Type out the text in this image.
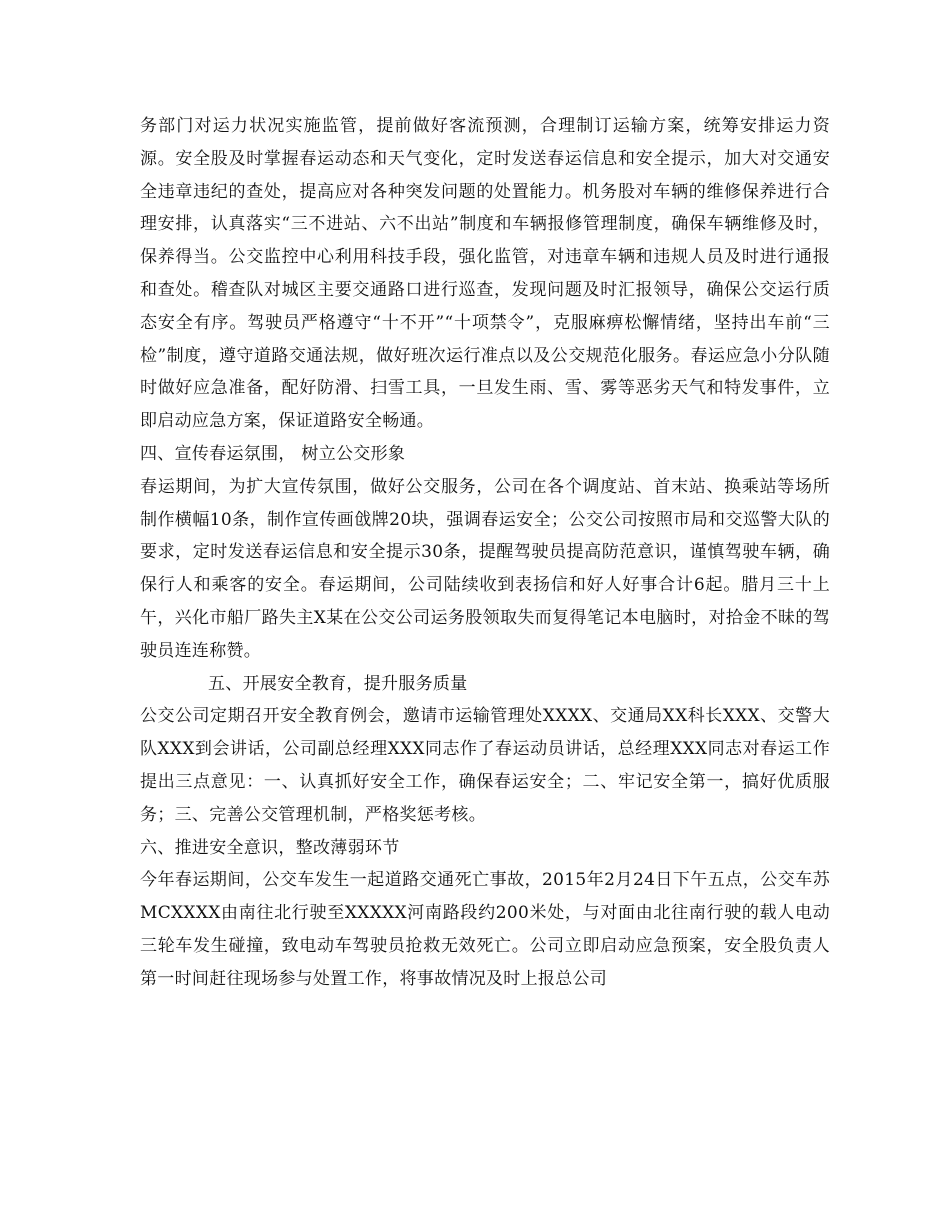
务部门对运力状况实施监管，提前做好客流预测，合理制订运输方案，统筹安排运力资源。安全股及时掌握春运动态和天气变化，定时发送春运信息和安全提示，加大对交通安全违章违纪的查处，提高应对各种突发问题的处置能力。机务股对车辆的维修保养进行合理安排，认真落实“三不进站、六不出站”制度和车辆报修管理制度，确保车辆维修及时，保养得当。公交监控中心利用科技手段，强化监管，对违章车辆和违规人员及时进行通报和查处。稽查队对城区主要交通路口进行巡查，发现问题及时汇报领导，确保公交运行质态安全有序。驾驶员严格遵守“十不开”“十项禁令”，克服麻痹松懈情绪，坚持出车前“三检”制度，遵守道路交通法规，做好班次运行准点以及公交规范化服务。春运应急小分队随时做好应急准备，配好防滑、扫雪工具，一旦发生雨、雪、雾等恶劣天气和特发事件，立即启动应急方案，保证道路安全畅通。

四、宣传春运氛围， 树立公交形象

春运期间，为扩大宣传氛围，做好公交服务，公司在各个调度站、首末站、换乘站等场所制作横幅10条，制作宣传画戗牌20块，强调春运安全；公交公司按照市局和交巡警大队的要求，定时发送春运信息和安全提示30条，提醒驾驶员提高防范意识，谨慎驾驶车辆，确保行人和乘客的安全。春运期间，公司陆续收到表扬信和好人好事合计6起。腊月三十上午，兴化市船厂路失主X某在公交公司运务股领取失而复得笔记本电脑时，对拾金不昧的驾驶员连连称赞。

五、开展安全教育，提升服务质量

公交公司定期召开安全教育例会，邀请市运输管理处XXXX、交通局XX科长XXX、交警大队XXX到会讲话，公司副总经理XXX同志作了春运动员讲话，总经理XXX同志对春运工作提出三点意见：一、认真抓好安全工作，确保春运安全；二、牢记安全第一，搞好优质服务；三、完善公交管理机制，严格奖惩考核。

六、推进安全意识，整改薄弱环节

今年春运期间，公交车发生一起道路交通死亡事故，2015年2月24日下午五点，公交车苏MCXXXX由南往北行驶至XXXXX河南路段约200米处，与对面由北往南行驶的载人电动三轮车发生碰撞，致电动车驾驶员抢救无效死亡。公司立即启动应急预案，安全股负责人第一时间赶往现场参与处置工作，将事故情况及时上报总公司
